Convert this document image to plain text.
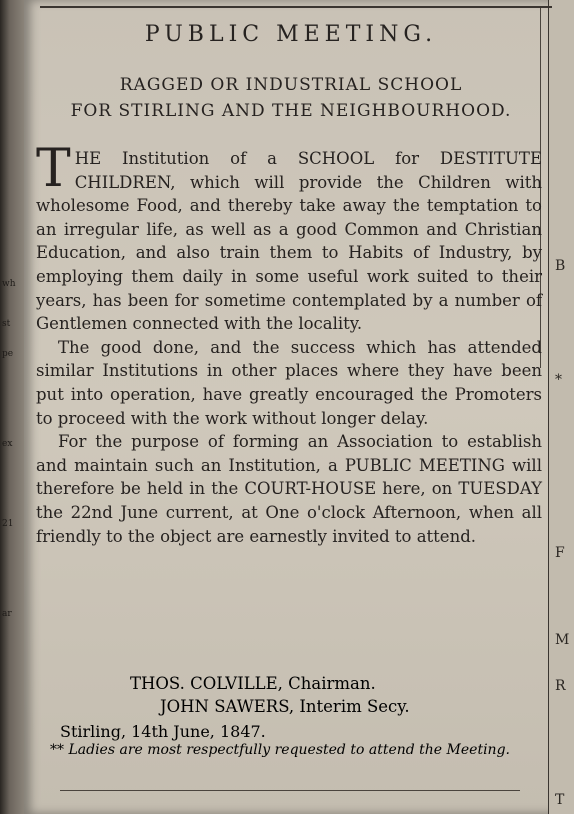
wh
st
pe
ex
21
ar
B
*
F
M
R
T
PUBLIC MEETING.
RAGGED OR INDUSTRIAL SCHOOL
FOR STIRLING AND THE NEIGHBOURHOOD.

T HE Institution of a SCHOOL for DESTITUTE CHILDREN, which will provide the Children with wholesome Food, and thereby take away the temptation to an irregular life, as well as a good Common and Christian Education, and also train them to Habits of Industry, by employing them daily in some useful work suited to their years, has been for sometime contemplated by a number of Gentlemen connected with the locality.

The good done, and the success which has attended similar Institutions in other places where they have been put into operation, have greatly encouraged the Promoters to proceed with the work without longer delay.

For the purpose of forming an Association to establish and maintain such an Institution, a PUBLIC MEETING will therefore be held in the COURT-HOUSE here, on TUESDAY the 22nd June current, at One o'clock Afternoon, when all friendly to the object are earnestly invited to attend.

THOS. COLVILLE, Chairman.
JOHN SAWERS, Interim Secy.
Stirling, 14th June, 1847.
** Ladies are most respectfully requested to attend the Meeting.
